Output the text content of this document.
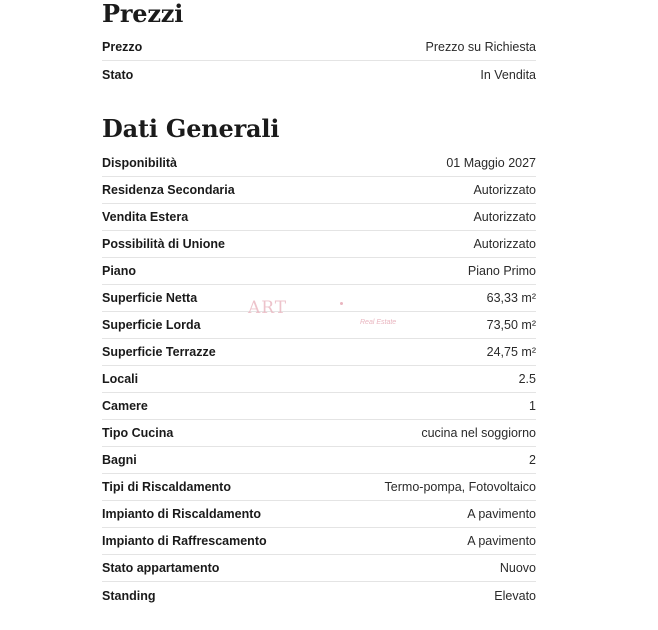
Prezzi
Prezzo	Prezzo su Richiesta
Stato	In Vendita
Dati Generali
Disponibilità	01 Maggio 2027
Residenza Secondaria	Autorizzato
Vendita Estera	Autorizzato
Possibilità di Unione	Autorizzato
Piano	Piano Primo
Superficie Netta	63,33 m²
Superficie Lorda	73,50 m²
Superficie Terrazze	24,75 m²
Locali	2.5
Camere	1
Tipo Cucina	cucina nel soggiorno
Bagni	2
Tipi di Riscaldamento	Termo-pompa, Fotovoltaico
Impianto di Riscaldamento	A pavimento
Impianto di Raffrescamento	A pavimento
Stato appartamento	Nuovo
Standing	Elevato
ART
Real Estate
